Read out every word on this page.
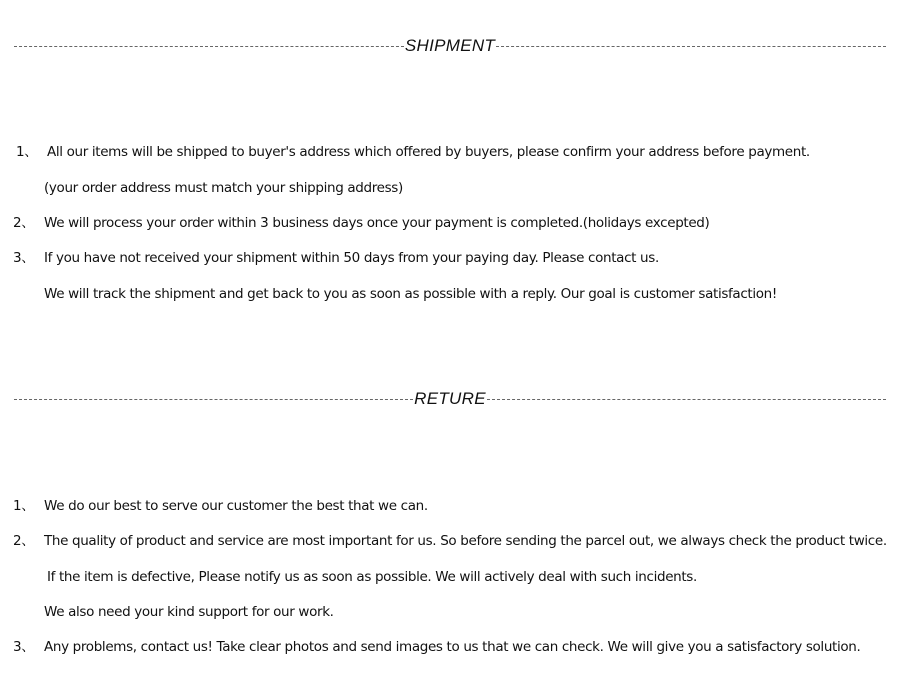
SHIPMENT
1、 All our items will be shipped to buyer's address which offered by buyers, please confirm your address before payment.
(your order address must match your shipping address)
2、 We will process your order within 3 business days once your payment is completed.(holidays excepted)
3、 If you have not received your shipment within 50 days from your paying day. Please contact us.
We will track the shipment and get back to you as soon as possible with a reply. Our goal is customer satisfaction!
RETURE
1、 We do our best to serve our customer the best that we can.
2、 The quality of product and service are most important for us. So before sending the parcel out, we always check the product twice.
If the item is defective, Please notify us as soon as possible. We will actively deal with such incidents.
We also need your kind support for our work.
3、 Any problems, contact us! Take clear photos and send images to us that we can check. We will give you a satisfactory solution.
